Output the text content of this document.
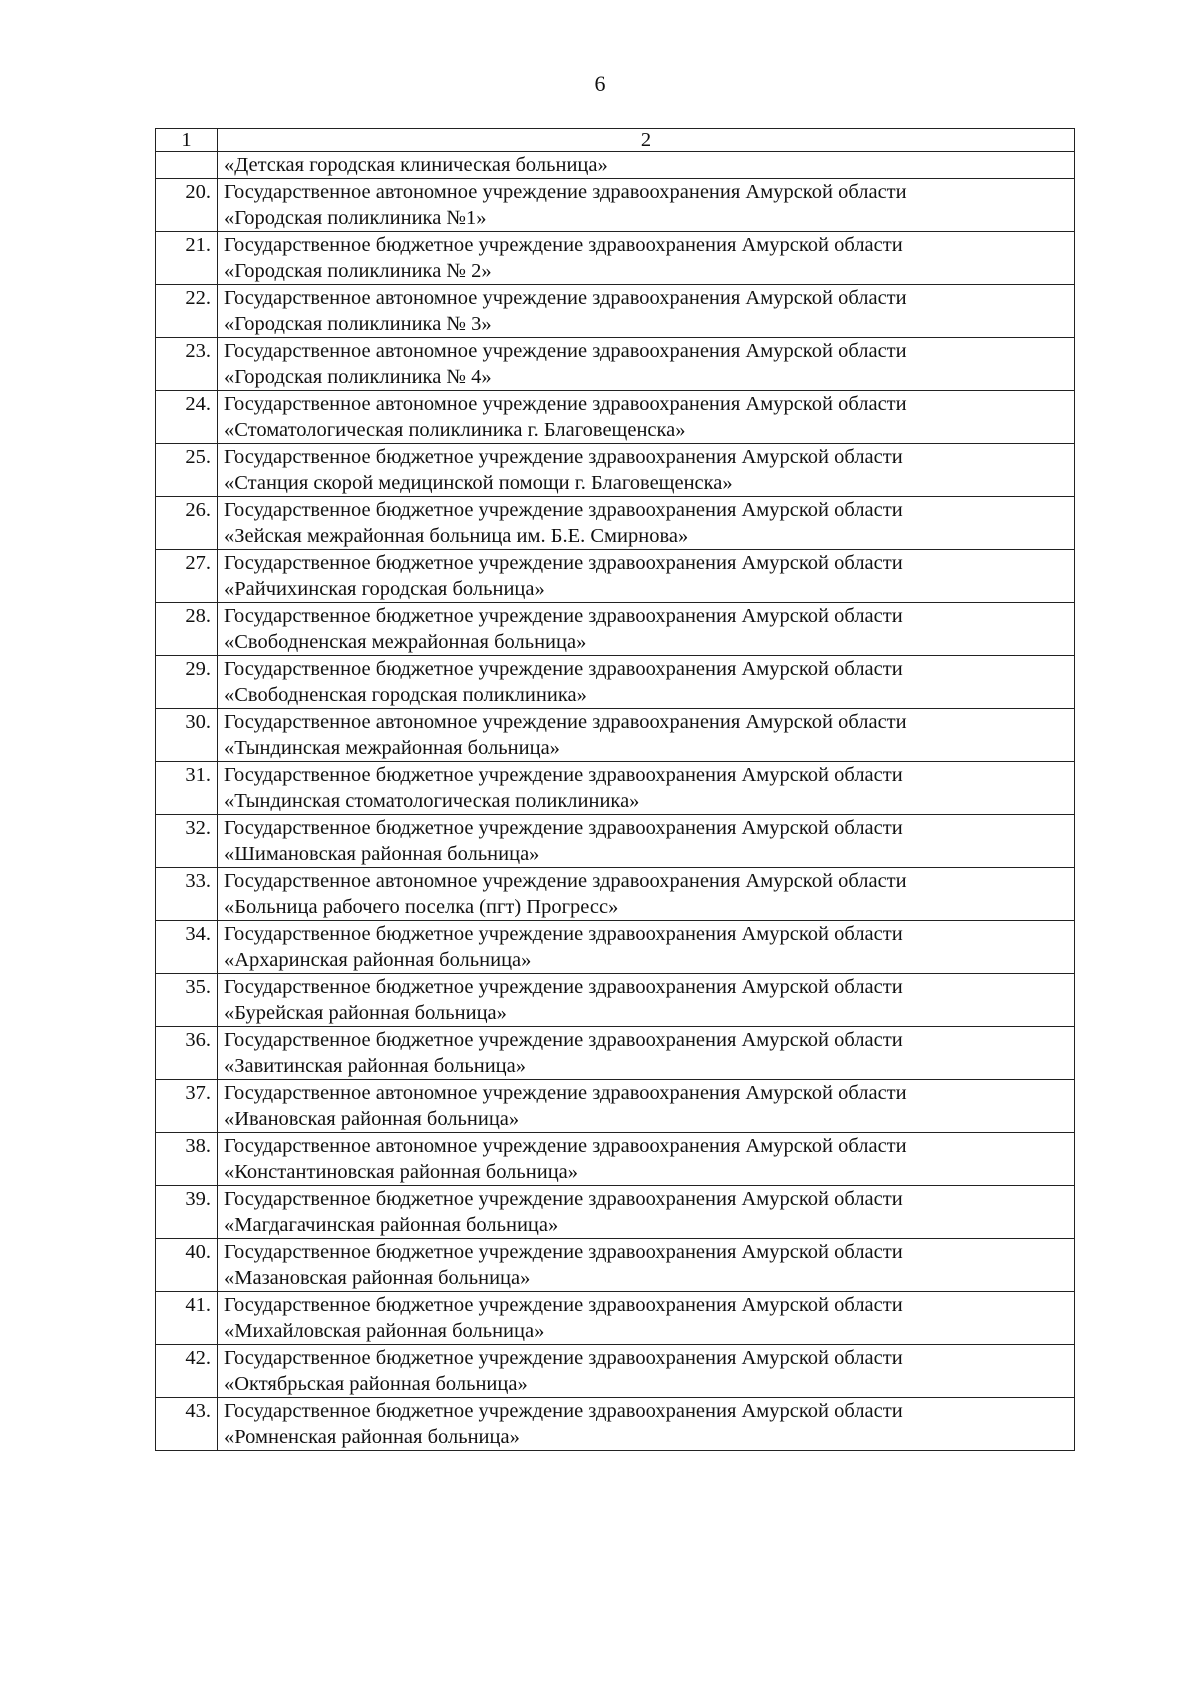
6
1	2

	«Детская городская клиническая больница»

20.	Государственное автономное учреждение здравоохранения Амурской области
«Городская поликлиника №1»

21.	Государственное бюджетное учреждение здравоохранения Амурской области
«Городская поликлиника № 2»

22.	Государственное автономное учреждение здравоохранения Амурской области
«Городская поликлиника № 3»

23.	Государственное автономное учреждение здравоохранения Амурской области
«Городская поликлиника № 4»

24.	Государственное автономное учреждение здравоохранения Амурской области
«Стоматологическая поликлиника г. Благовещенска»

25.	Государственное бюджетное учреждение здравоохранения Амурской области
«Станция скорой медицинской помощи г. Благовещенска»

26.	Государственное бюджетное учреждение здравоохранения Амурской области
«Зейская межрайонная больница им. Б.Е. Смирнова»

27.	Государственное бюджетное учреждение здравоохранения Амурской области
«Райчихинская городская больница»

28.	Государственное бюджетное учреждение здравоохранения Амурской области
«Свободненская межрайонная больница»

29.	Государственное бюджетное учреждение здравоохранения Амурской области
«Свободненская городская поликлиника»

30.	Государственное автономное учреждение здравоохранения Амурской области
«Тындинская межрайонная больница»

31.	Государственное бюджетное учреждение здравоохранения Амурской области
«Тындинская стоматологическая поликлиника»

32.	Государственное бюджетное учреждение здравоохранения Амурской области
«Шимановская районная больница»

33.	Государственное автономное учреждение здравоохранения Амурской области
«Больница рабочего поселка (пгт) Прогресс»

34.	Государственное бюджетное учреждение здравоохранения Амурской области
«Архаринская районная больница»

35.	Государственное бюджетное учреждение здравоохранения Амурской области
«Бурейская районная больница»

36.	Государственное бюджетное учреждение здравоохранения Амурской области
«Завитинская районная больница»

37.	Государственное автономное учреждение здравоохранения Амурской области
«Ивановская районная больница»

38.	Государственное автономное учреждение здравоохранения Амурской области
«Константиновская районная больница»

39.	Государственное бюджетное учреждение здравоохранения Амурской области
«Магдагачинская районная больница»

40.	Государственное бюджетное учреждение здравоохранения Амурской области
«Мазановская районная больница»

41.	Государственное бюджетное учреждение здравоохранения Амурской области
«Михайловская районная больница»

42.	Государственное бюджетное учреждение здравоохранения Амурской области
«Октябрьская районная больница»

43.	Государственное бюджетное учреждение здравоохранения Амурской области
«Ромненская районная больница»
